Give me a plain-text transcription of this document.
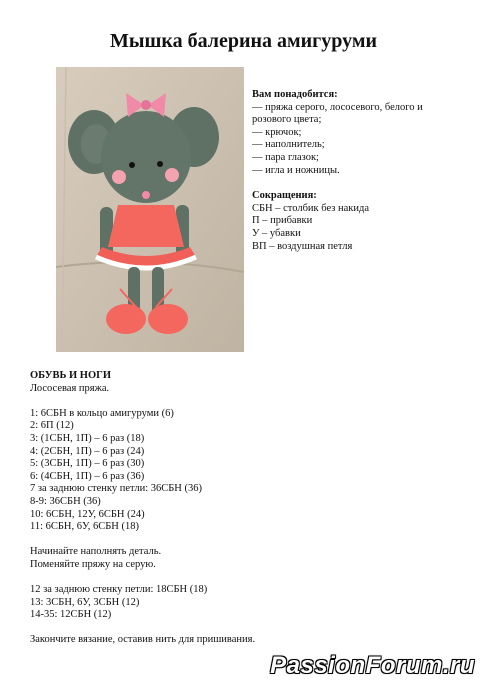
Мышка балерина амигуруми
Вам понадобится:
— пряжа серого, лососевого, белого и
розового цвета;
— крючок;
— наполнитель;
— пара глазок;
— игла и ножницы.
Сокращения:
СБН – столбик без накида
П – прибавки
У – убавки
ВП – воздушная петля
ОБУВЬ И НОГИ
Лососевая пряжа.
1: 6СБН в кольцо амигуруми (6)
2: 6П (12)
3: (1СБН, 1П) – 6 раз (18)
4: (2СБН, 1П) – 6 раз (24)
5: (3СБН, 1П) – 6 раз (30)
6: (4СБН, 1П) – 6 раз (36)
7 за заднюю стенку петли: 36СБН (36)
8-9: 36СБН (36)
10: 6СБН, 12У, 6СБН (24)
11: 6СБН, 6У, 6СБН (18)
Начинайте наполнять деталь.
Поменяйте пряжу на серую.
12 за заднюю стенку петли: 18СБН (18)
13: 3СБН, 6У, 3СБН (12)
14-35: 12СБН (12)
Закончите вязание, оставив нить для пришивания.
PassionForum.ru
